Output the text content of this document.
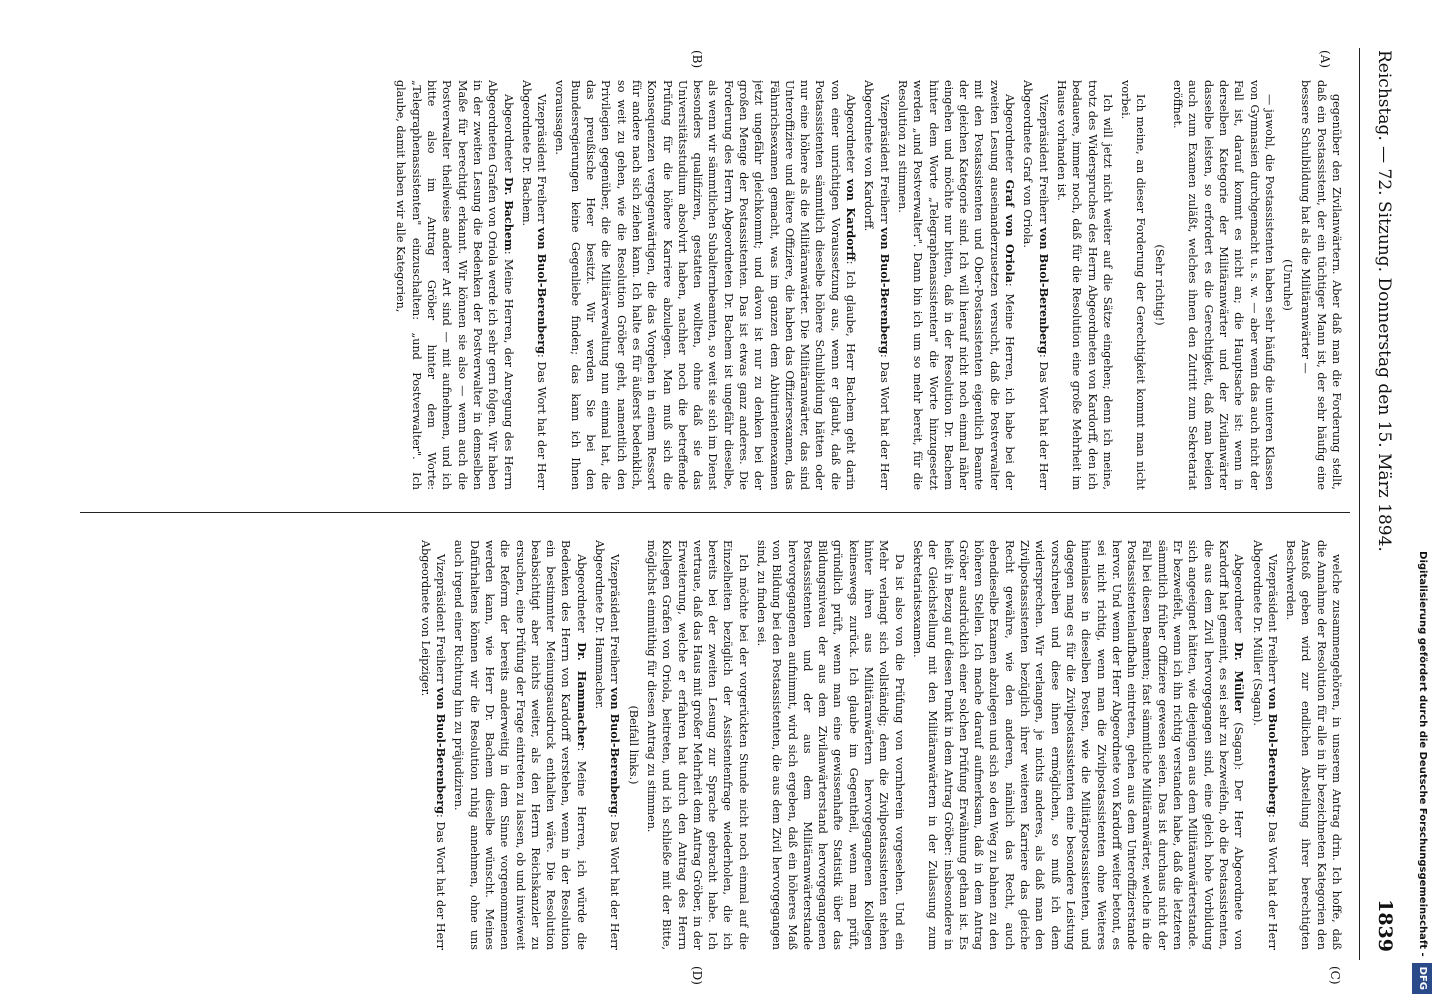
Reichstag. — 72. Sitzung. Donnerstag den 15. März 1894.
1839
(A)
(B)
(C)
(D)

gegenüber den Zivilanwärtern. Aber daß man die Forderung stellt, daß ein Postassistent, der ein tüchtiger Mann ist, der sehr häufig eine bessere Schulbildung hat als die Militäranwärter —

(Unruhe)

— jawohl, die Postassistenten haben sehr häufig die unteren Klassen von Gymnasien durchgemacht u. s. w. — aber wenn das auch nicht der Fall ist, darauf kommt es nicht an; die Hauptsache ist: wenn in derselben Kategorie der Militäranwärter und der Zivilanwärter dasselbe leisten, so erfordert es die Gerechtigkeit, daß man beiden auch zum Examen zuläßt, welches ihnen den Zutritt zum Sekretariat eröffnet.

(Sehr richtig!)

Ich meine, an dieser Forderung der Gerechtigkeit kommt man nicht vorbei.

Ich will jetzt nicht weiter auf die Sätze eingehen; denn ich meine, trotz des Widerspruches des Herrn Abgeordneten von Kardorff, den ich bedauere, immer noch, daß für die Resolution eine große Mehrheit im Hause vorhanden ist.

Vizepräsident Freiherr von Buol-Berenberg: Das Wort hat der Herr Abgeordnete Graf von Oriola.

Abgeordneter Graf von Oriola: Meine Herren, ich habe bei der zweiten Lesung auseinanderzusetzen versucht, daß die Postverwalter mit den Postassistenten und Ober-Postassistenten eigentlich Beamte der gleichen Kategorie sind. Ich will hierauf nicht noch einmal näher eingehen und möchte nur bitten, daß in der Resolution Dr. Bachem hinter dem Worte „Telegraphenassistenten" die Worte hinzugesetzt werden „und Postverwalter". Dann bin ich um so mehr bereit, für die Resolution zu stimmen.

Vizepräsident Freiherr von Buol-Berenberg: Das Wort hat der Herr Abgeordnete von Kardorff.

Abgeordneter von Kardorff: Ich glaube, Herr Bachem geht darin von einer unrichtigen Voraussetzung aus, wenn er glaubt, daß die Postassistenten sämmtlich dieselbe höhere Schulbildung hätten oder nur eine höhere als die Militäranwärter. Die Militäranwärter, das sind Unteroffiziere und ältere Offiziere, die haben das Offiziersexamen, das Fähnrichsexamen gemacht, was im ganzen dem Abiturientenexamen jetzt ungefähr gleichkommt; und davon ist nur zu denken bei der großen Menge der Postassistenten. Das ist etwas ganz anderes. Die Forderung des Herrn Abgeordneten Dr. Bachem ist ungefähr dieselbe, als wenn wir sämmtlichen Subalternbeamten, so weit sie sich im Dienst besonders qualifiziren, gestatten wollten, ohne daß sie das Universitätsstudium absolvirt haben, nachher noch die betreffende Prüfung für die höhere Karriere abzulegen. Man muß sich die Konsequenzen vergegenwärtigen, die das Vorgehen in einem Ressort für andere nach sich ziehen kann. Ich halte es für äußerst bedenklich, so weit zu gehen, wie die Resolution Gröber geht, namentlich den Privilegien gegenüber, die die Militärverwaltung nun einmal hat, die das preußische Heer besitzt. Wir werden Sie bei den Bundesregierungen keine Gegenliebe finden; das kann ich Ihnen voraussagen.

Vizepräsident Freiherr von Buol-Berenberg: Das Wort hat der Herr Abgeordnete Dr. Bachem.

Abgeordneter Dr. Bachem: Meine Herren, der Anregung des Herrn Abgeordneten Grafen von Oriola werde ich sehr gern folgen. Wir haben in der zweiten Lesung die Bedenken der Postverwalter in demselben Maße für berechtigt erkannt. Wir können sie also — wenn auch die Postverwalter theilweise anderer Art sind — mit aufnehmen, und ich bitte also im Antrag Gröber hinter dem Worte: „Telegraphenassistenten" einzuschalten: „und Postverwalter". Ich glaube, damit haben wir alle Kategorien,

welche zusammengehören, in unserem Antrag drin. Ich hoffe, daß die Annahme der Resolution für alle in ihr bezeichneten Kategorien den Anstoß geben wird zur endlichen Abstellung ihrer berechtigten Beschwerden.

Vizepräsident Freiherr von Buol-Berenberg: Das Wort hat der Herr Abgeordnete Dr. Müller (Sagan).

Abgeordneter Dr. Müller (Sagan): Der Herr Abgeordnete von Kardorff hat gemeint, es sei sehr zu bezweifeln, ob die Postassistenten, die aus dem Zivil hervorgegangen sind, eine gleich hohe Vorbildung sich angeeignet hätten, wie diejenigen aus dem Militäranwärterstande. Er bezweifelt, wenn ich ihn richtig verstanden habe, daß die letzteren sämmtlich früher Offiziere gewesen seien. Das ist durchaus nicht der Fall bei diesen Beamten; fast sämmtliche Militäranwärter, welche in die Postassistentenlaufbahn eintreten, gehen aus dem Unteroffizierstande hervor. Und wenn der Herr Abgeordnete von Kardorff weiter betont, es sei nicht richtig, wenn man die Zivilpostassistenten ohne Weiteres hineinlasse in dieselben Posten, wie die Militärpostassistenten, und dagegen mag es für die Zivilpostassistenten eine besondere Leistung vorschreiben und diese ihnen ermöglichen, so muß ich dem widersprechen. Wir verlangen, je nichts anderes, als daß man den Zivilpostassistenten bezüglich ihrer weiteren Karriere das gleiche Recht gewähre, wie den anderen, nämlich das Recht, auch ebendieselbe Examen abzulegen und sich so den Weg zu bahnen zu den höheren Stellen. Ich mache darauf aufmerksam, daß in dem Antrag Gröber ausdrücklich einer solchen Prüfung Erwähnung gethan ist. Es heißt in Bezug auf diesen Punkt in dem Antrag Gröber: insbesondere in der Gleichstellung mit den Militäranwärtern in der Zulassung zum Sekretariatsexamen.

Da ist also von die Prüfung von vornherein vorgesehen. Und ein Mehr verlangt sich vollständig; denn die Zivilpostassistenten stehen hinter ihren aus Militäranwärtern hervorgegangenen Kollegen keineswegs zurück. Ich glaube im Gegentheil, wenn man prüft, gründlich prüft, wenn man eine gewissenhafte Statistik über das Bildungsniveau der aus dem Zivilanwärterstand hervorgegangenen Postassistenten und der aus dem Militäranwärterstande hervorgegangenen aufnimmt, wird sich ergeben, daß ein höheres Maß von Bildung bei den Postassistenten, die aus dem Zivil hervorgegangen sind, zu finden sei.

Ich möchte bei der vorgerückten Stunde nicht noch einmal auf die Einzelheiten bezüglich der Assistentenfrage wiederholen, die ich bereits bei der zweiten Lesung zur Sprache gebracht habe. Ich vertraue, daß das Haus mit großer Mehrheit dem Antrag Gröber, in der Erweiterung, welche er erfahren hat durch den Antrag des Herrn Kollegen Grafen von Oriola, beitreten, und ich schließe mit der Bitte, möglichst einmüthig für diesen Antrag zu stimmen.

(Beifall links.)

Vizepräsident Freiherr von Buol-Berenberg: Das Wort hat der Herr Abgeordnete Dr. Hammacher.

Abgeordneter Dr. Hammacher: Meine Herren, ich würde die Bedenken des Herrn von Kardorff verstehen, wenn in der Resolution ein bestimmter Meinungsausdruck enthalten wäre. Die Resolution beabsichtigt aber nichts weiter, als den Herrn Reichskanzler zu ersuchen, eine Prüfung der Frage eintreten zu lassen, ob und inwieweit die Reform der bereits anderweitig in dem Sinne vorgenommenen werden kann, wie Herr Dr. Bachem dieselbe wünscht. Meines Dafürhaltens können wir die Resolution ruhig annehmen, ohne uns auch irgend einer Richtung hin zu präjudiziren.

Vizepräsident Freiherr von Buol-Berenberg: Das Wort hat der Herr Abgeordnete von Leipziger.	Digitalisierung gefördert durch die Deutsche Forschungsgemeinschaft -DFG
